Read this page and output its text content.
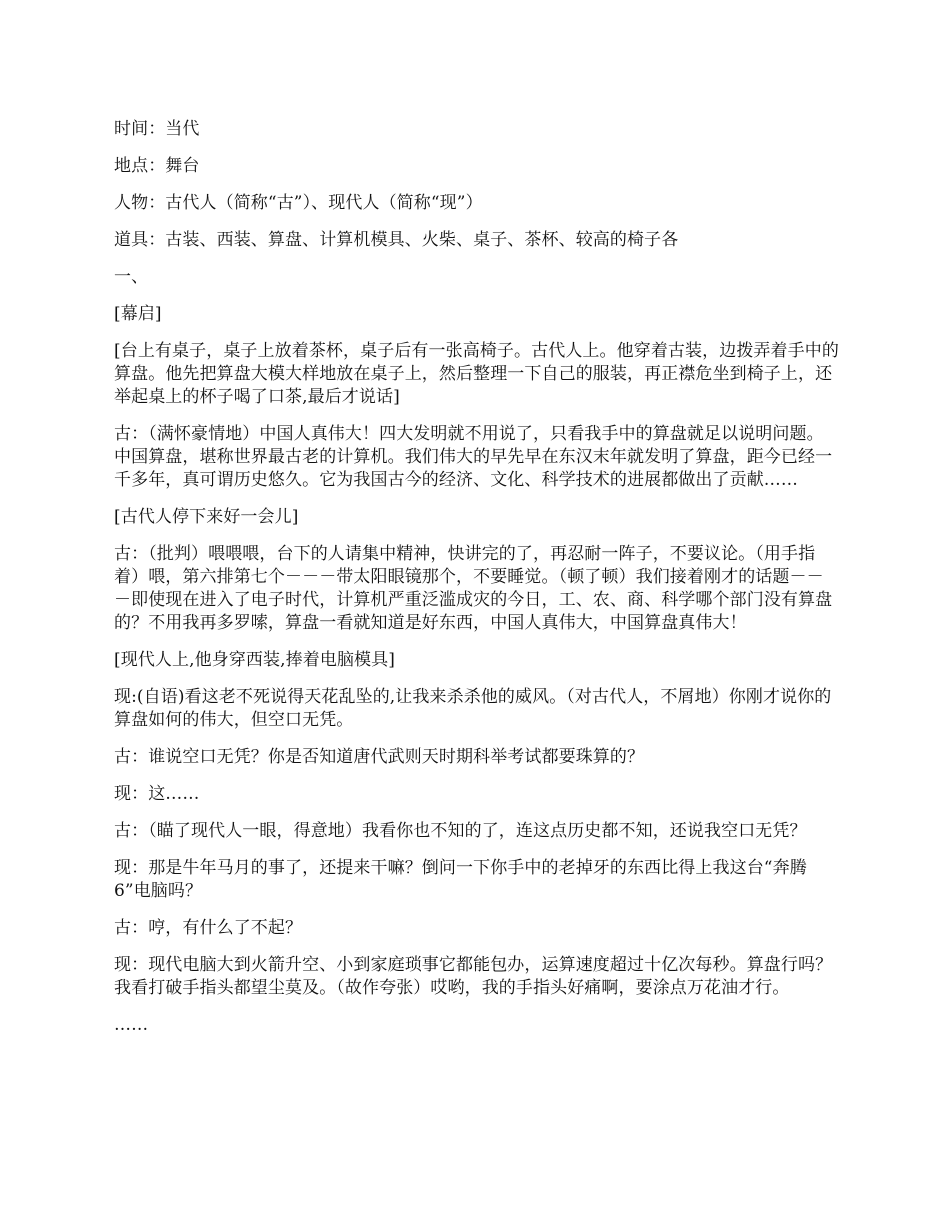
时间：当代

地点：舞台

人物：古代人（简称“古”）、现代人（简称“现”）

道具：古装、西装、算盘、计算机模具、火柴、桌子、茶杯、较高的椅子各

一、

[幕启]

[台上有桌子，桌子上放着茶杯，桌子后有一张高椅子。古代人上。他穿着古装，边拨弄着手中的算盘。他先把算盘大模大样地放在桌子上，然后整理一下自己的服装，再正襟危坐到椅子上，还举起桌上的杯子喝了口茶,最后才说话]

古：（满怀豪情地）中国人真伟大！四大发明就不用说了，只看我手中的算盘就足以说明问题。中国算盘，堪称世界最古老的计算机。我们伟大的早先早在东汉末年就发明了算盘，距今已经一千多年，真可谓历史悠久。它为我国古今的经济、文化、科学技术的进展都做出了贡献……

[古代人停下来好一会儿]

古：（批判）喂喂喂，台下的人请集中精神，快讲完的了，再忍耐一阵子，不要议论。（用手指着）喂，第六排第七个－－－带太阳眼镜那个，不要睡觉。（顿了顿）我们接着刚才的话题－－－即使现在进入了电子时代，计算机严重泛滥成灾的今日，工、农、商、科学哪个部门没有算盘的？不用我再多罗嗦，算盘一看就知道是好东西，中国人真伟大，中国算盘真伟大！

[现代人上,他身穿西装,捧着电脑模具]

现:(自语)看这老不死说得天花乱坠的,让我来杀杀他的威风。（对古代人，不屑地）你刚才说你的算盘如何的伟大，但空口无凭。

古：谁说空口无凭？你是否知道唐代武则天时期科举考试都要珠算的？

现：这……

古：（瞄了现代人一眼，得意地）我看你也不知的了，连这点历史都不知，还说我空口无凭？

现：那是牛年马月的事了，还提来干嘛？倒问一下你手中的老掉牙的东西比得上我这台“奔腾 6”电脑吗？

古：哼，有什么了不起？

现：现代电脑大到火箭升空、小到家庭琐事它都能包办，运算速度超过十亿次每秒。算盘行吗？我看打破手指头都望尘莫及。（故作夸张）哎哟，我的手指头好痛啊，要涂点万花油才行。

……
